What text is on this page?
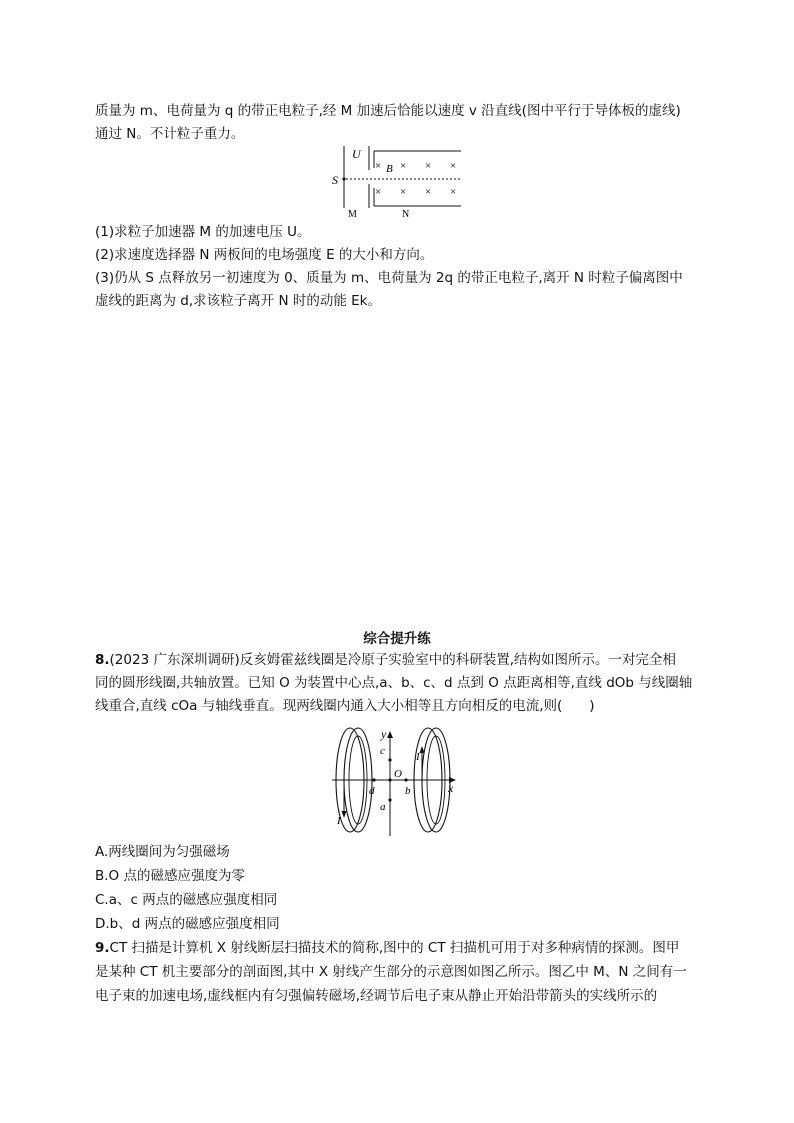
质量为 m、电荷量为 q 的带正电粒子,经 M 加速后恰能以速度 v 沿直线(图中平行于导体板的虚线)
通过 N。不计粒子重力。
S
U
M	N
B
× × × ×
× × × ×
(1)求粒子加速器 M 的加速电压 U。
(2)求速度选择器 N 两板间的电场强度 E 的大小和方向。
(3)仍从 S 点释放另一初速度为 0、质量为 m、电荷量为 2q 的带正电粒子,离开 N 时粒子偏离图中
虚线的距离为 d,求该粒子离开 N 时的动能 Ek。
综合提升练
8.(2023 广东深圳调研)反亥姆霍兹线圈是冷原子实验室中的科研装置,结构如图所示。一对完全相
同的圆形线圈,共轴放置。已知 O 为装置中心点,a、b、c、d 点到 O 点距离相等,直线 dOb 与线圈轴
线重合,直线 cOa 与轴线垂直。现两线圈内通入大小相等且方向相反的电流,则(　　)
x
y
O
c
a
d	b
I
I
A.两线圈间为匀强磁场
B.O 点的磁感应强度为零
C.a、c 两点的磁感应强度相同
D.b、d 两点的磁感应强度相同
9.CT 扫描是计算机 X 射线断层扫描技术的简称,图中的 CT 扫描机可用于对多种病情的探测。图甲
是某种 CT 机主要部分的剖面图,其中 X 射线产生部分的示意图如图乙所示。图乙中 M、N 之间有一
电子束的加速电场,虚线框内有匀强偏转磁场,经调节后电子束从静止开始沿带箭头的实线所示的
